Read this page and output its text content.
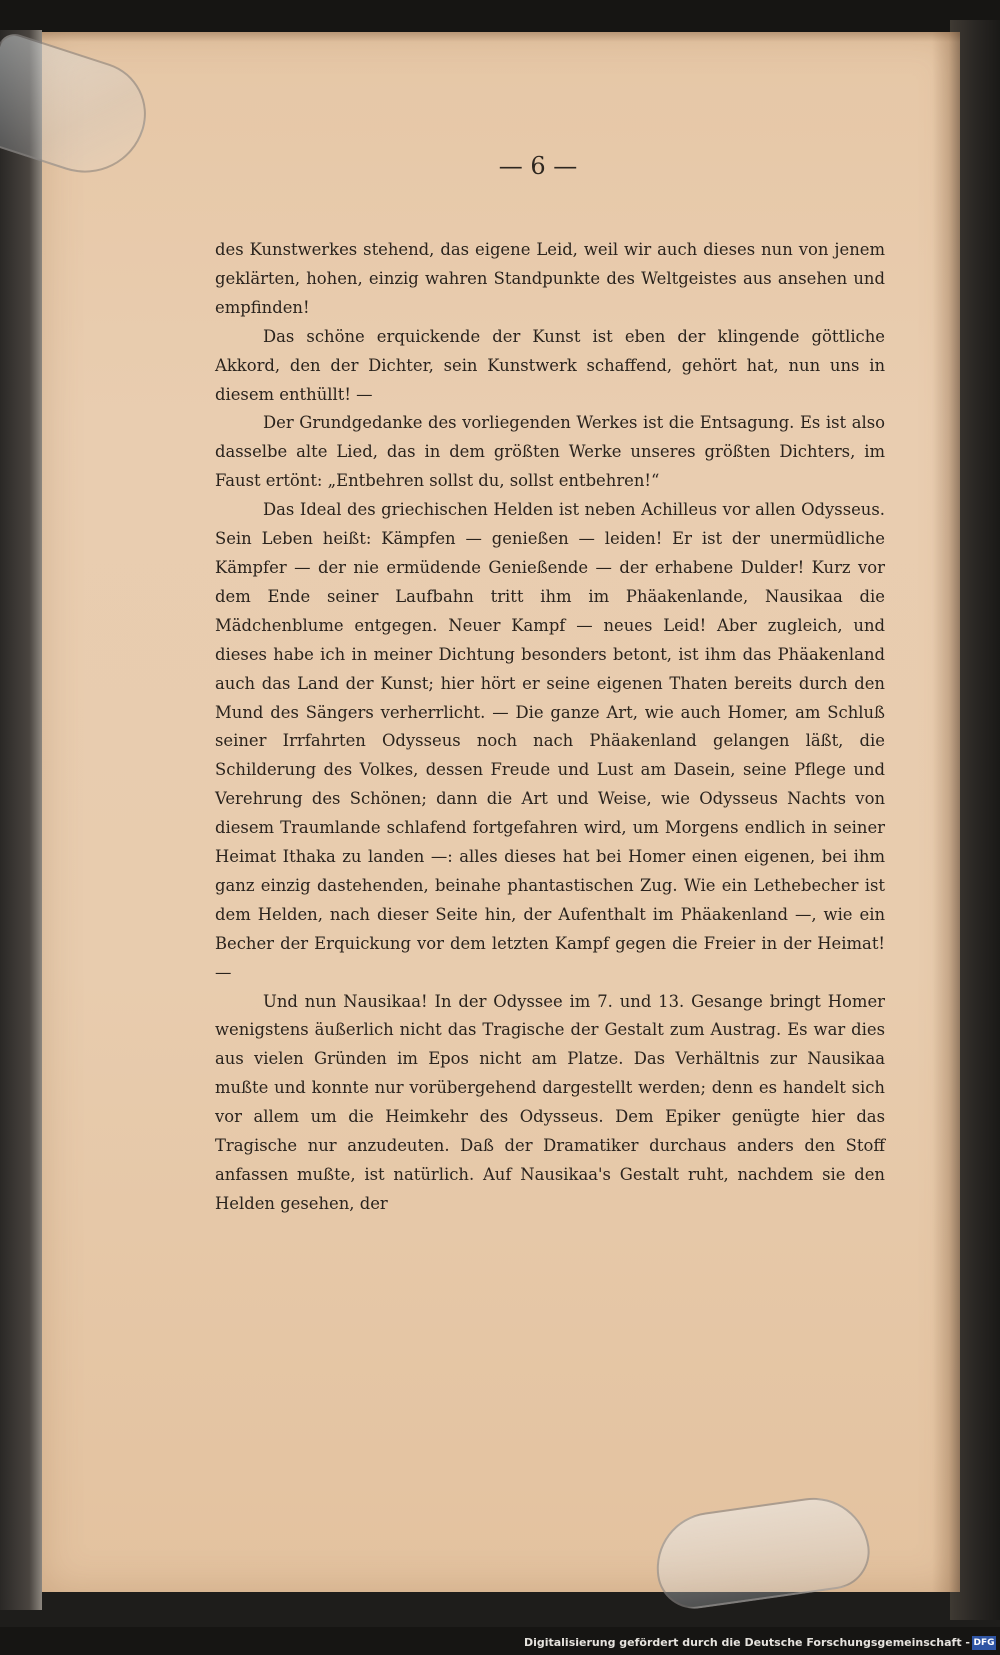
— 6 —

des Kunstwerkes stehend, das eigene Leid, weil wir auch dieses nun von jenem geklärten, hohen, einzig wahren Standpunkte des Weltgeistes aus ansehen und empfinden!

Das schöne erquickende der Kunst ist eben der klingende göttliche Akkord, den der Dichter, sein Kunstwerk schaffend, gehört hat, nun uns in diesem enthüllt! —

Der Grundgedanke des vorliegenden Werkes ist die Entsagung. Es ist also dasselbe alte Lied, das in dem größten Werke unseres größten Dichters, im Faust ertönt: „Entbehren sollst du, sollst entbehren!“

Das Ideal des griechischen Helden ist neben Achilleus vor allen Odysseus. Sein Leben heißt: Kämpfen — genießen — leiden! Er ist der unermüdliche Kämpfer — der nie ermüdende Genießende — der erhabene Dulder! Kurz vor dem Ende seiner Laufbahn tritt ihm im Phäakenlande, Nausikaa die Mädchenblume entgegen. Neuer Kampf — neues Leid! Aber zugleich, und dieses habe ich in meiner Dichtung besonders betont, ist ihm das Phäakenland auch das Land der Kunst; hier hört er seine eigenen Thaten bereits durch den Mund des Sängers verherrlicht. — Die ganze Art, wie auch Homer, am Schluß seiner Irrfahrten Odysseus noch nach Phäakenland gelangen läßt, die Schilderung des Volkes, dessen Freude und Lust am Dasein, seine Pflege und Verehrung des Schönen; dann die Art und Weise, wie Odysseus Nachts von diesem Traumlande schlafend fortgefahren wird, um Morgens endlich in seiner Heimat Ithaka zu landen —: alles dieses hat bei Homer einen eigenen, bei ihm ganz einzig dastehenden, beinahe phantastischen Zug. Wie ein Lethebecher ist dem Helden, nach dieser Seite hin, der Aufenthalt im Phäakenland —, wie ein Becher der Erquickung vor dem letzten Kampf gegen die Freier in der Heimat! —

Und nun Nausikaa! In der Odyssee im 7. und 13. Gesange bringt Homer wenigstens äußerlich nicht das Tragische der Gestalt zum Austrag. Es war dies aus vielen Gründen im Epos nicht am Platze. Das Verhältnis zur Nausikaa mußte und konnte nur vorübergehend dargestellt werden; denn es handelt sich vor allem um die Heimkehr des Odysseus. Dem Epiker genügte hier das Tragische nur anzudeuten. Daß der Dramatiker durchaus anders den Stoff anfassen mußte, ist natürlich. Auf Nausikaa's Gestalt ruht, nachdem sie den Helden gesehen, der

Digitalisierung gefördert durch die Deutsche Forschungsgemeinschaft - DFG
